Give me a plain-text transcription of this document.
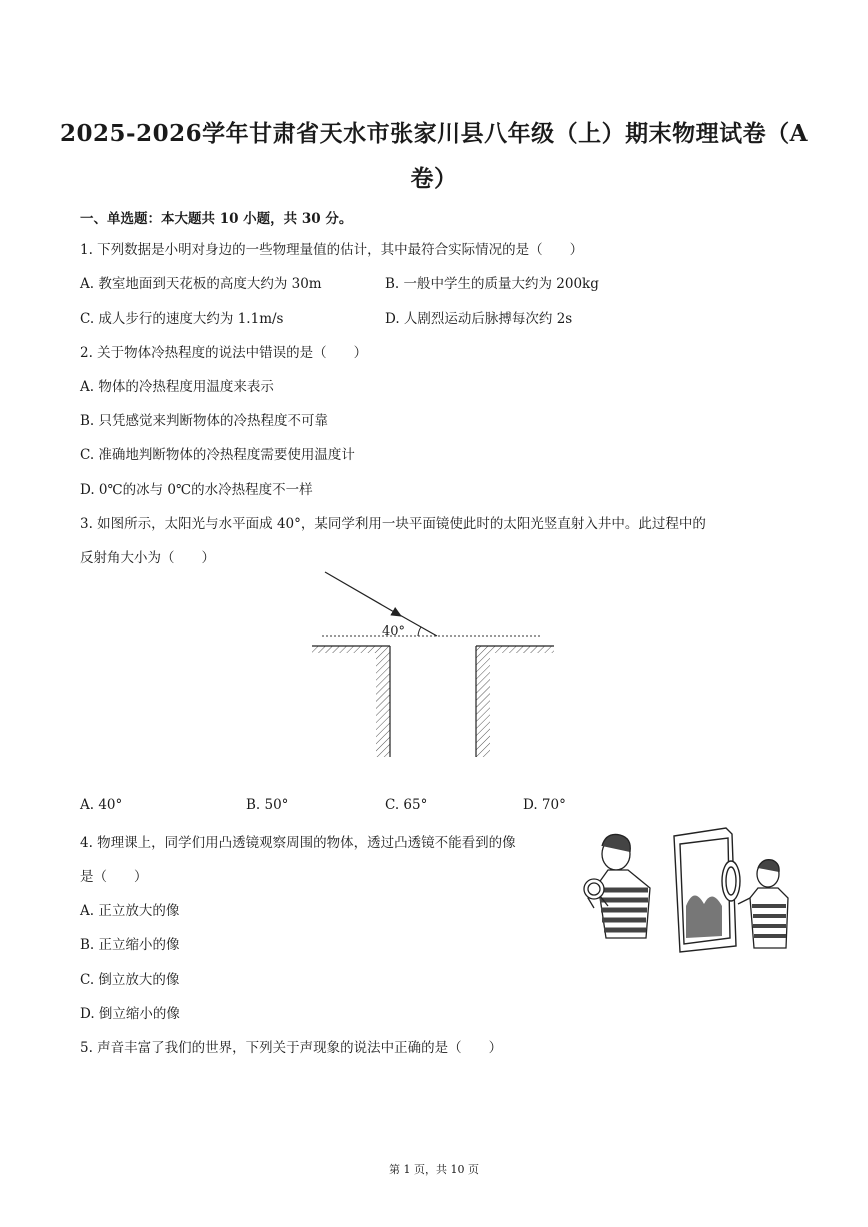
2025-2026学年甘肃省天水市张家川县八年级（上）期末物理试卷（A
卷）
一、单选题：本大题共 10 小题，共 30 分。
1. 下列数据是小明对身边的一些物理量值的估计，其中最符合实际情况的是（　　）
A. 教室地面到天花板的高度大约为 30m	B. 一般中学生的质量大约为 200kg
C. 成人步行的速度大约为 1.1m/s	D. 人剧烈运动后脉搏每次约 2s
2. 关于物体冷热程度的说法中错误的是（　　）
A. 物体的冷热程度用温度来表示
B. 只凭感觉来判断物体的冷热程度不可靠
C. 准确地判断物体的冷热程度需要使用温度计
D. 0℃的冰与 0℃的水冷热程度不一样
3. 如图所示，太阳光与水平面成 40°，某同学利用一块平面镜使此时的太阳光竖直射入井中。此过程中的
反射角大小为（　　）
40°
A. 40°	B. 50°	C. 65°	D. 70°
4. 物理课上，同学们用凸透镜观察周围的物体，透过凸透镜不能看到的像
是（　　）
A. 正立放大的像
B. 正立缩小的像
C. 倒立放大的像
D. 倒立缩小的像
5. 声音丰富了我们的世界，下列关于声现象的说法中正确的是（　　）
第 1 页，共 10 页
